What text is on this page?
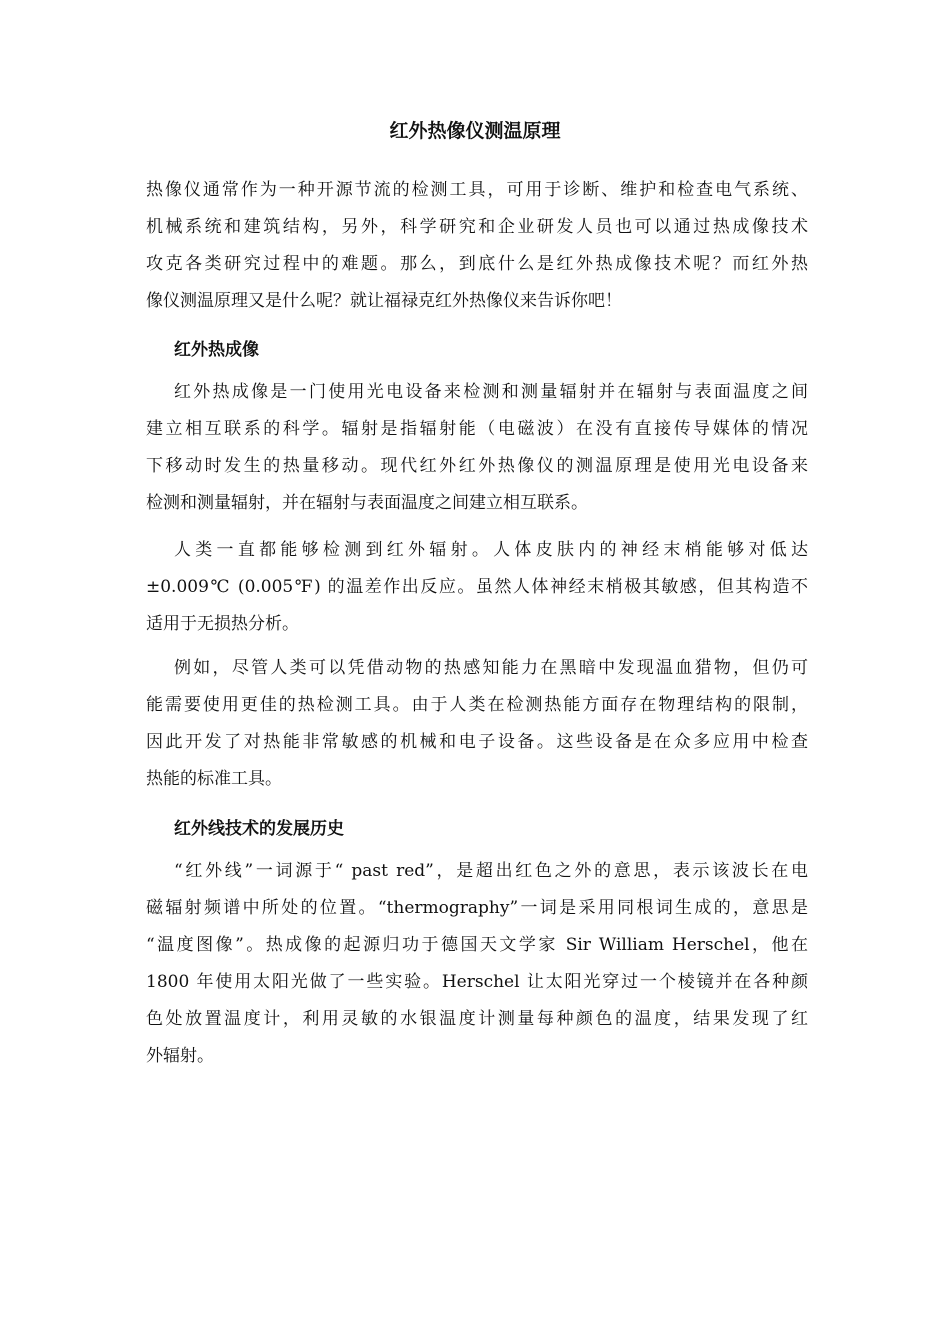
红外热像仪测温原理
热像仪通常作为一种开源节流的检测工具，可用于诊断、维护和检查电气系统、
机械系统和建筑结构，另外，科学研究和企业研发人员也可以通过热成像技术
攻克各类研究过程中的难题。那么，到底什么是红外热成像技术呢？而红外热
像仪测温原理又是什么呢？就让福禄克红外热像仪来告诉你吧！
红外热成像
红外热成像是一门使用光电设备来检测和测量辐射并在辐射与表面温度之间
建立相互联系的科学。辐射是指辐射能（电磁波）在没有直接传导媒体的情况
下移动时发生的热量移动。现代红外红外热像仪的测温原理是使用光电设备来
检测和测量辐射，并在辐射与表面温度之间建立相互联系。
人类一直都能够检测到红外辐射。人体皮肤内的神经末梢能够对低达
±0.009℃ (0.005℉) 的温差作出反应。虽然人体神经末梢极其敏感，但其构造不
适用于无损热分析。
例如，尽管人类可以凭借动物的热感知能力在黑暗中发现温血猎物，但仍可
能需要使用更佳的热检测工具。由于人类在检测热能方面存在物理结构的限制，
因此开发了对热能非常敏感的机械和电子设备。这些设备是在众多应用中检查
热能的标准工具。
红外线技术的发展历史
“红外线”一词源于“ past red”，是超出红色之外的意思，表示该波长在电
磁辐射频谱中所处的位置。“thermography”一词是采用同根词生成的，意思是
“温度图像”。热成像的起源归功于德国天文学家 Sir William Herschel，他在
1800 年使用太阳光做了一些实验。Herschel 让太阳光穿过一个棱镜并在各种颜
色处放置温度计，利用灵敏的水银温度计测量每种颜色的温度，结果发现了红
外辐射。
